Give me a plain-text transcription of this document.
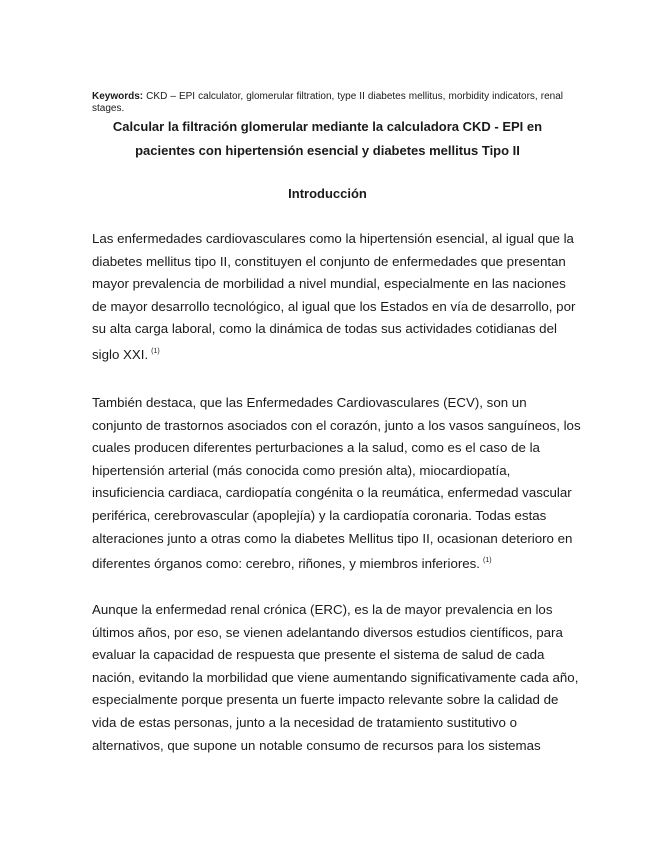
Keywords: CKD – EPI calculator, glomerular filtration, type II diabetes mellitus, morbidity indicators, renal stages.
Calcular la filtración glomerular mediante la calculadora CKD - EPI en
pacientes con hipertensión esencial y diabetes mellitus Tipo II
Introducción

Las enfermedades cardiovasculares como la hipertensión esencial, al igual que la
diabetes mellitus tipo II, constituyen el conjunto de enfermedades que presentan
mayor prevalencia de morbilidad a nivel mundial, especialmente en las naciones
de mayor desarrollo tecnológico, al igual que los Estados en vía de desarrollo, por
su alta carga laboral, como la dinámica de todas sus actividades cotidianas del
siglo XXI. $^{(1)}$

También destaca, que las Enfermedades Cardiovasculares (ECV), son un
conjunto de trastornos asociados con el corazón, junto a los vasos sanguíneos, los
cuales producen diferentes perturbaciones a la salud, como es el caso de la
hipertensión arterial (más conocida como presión alta), miocardiopatía,
insuficiencia cardiaca, cardiopatía congénita o la reumática, enfermedad vascular
periférica, cerebrovascular (apoplejía) y la cardiopatía coronaria. Todas estas
alteraciones junto a otras como la diabetes Mellitus tipo II, ocasionan deterioro en
diferentes órganos como: cerebro, riñones, y miembros inferiores. $^{(1)}$

Aunque la enfermedad renal crónica (ERC), es la de mayor prevalencia en los
últimos años, por eso, se vienen adelantando diversos estudios científicos, para
evaluar la capacidad de respuesta que presente el sistema de salud de cada
nación, evitando la morbilidad que viene aumentando significativamente cada año,
especialmente porque presenta un fuerte impacto relevante sobre la calidad de
vida de estas personas, junto a la necesidad de tratamiento sustitutivo o
alternativos, que supone un notable consumo de recursos para los sistemas
